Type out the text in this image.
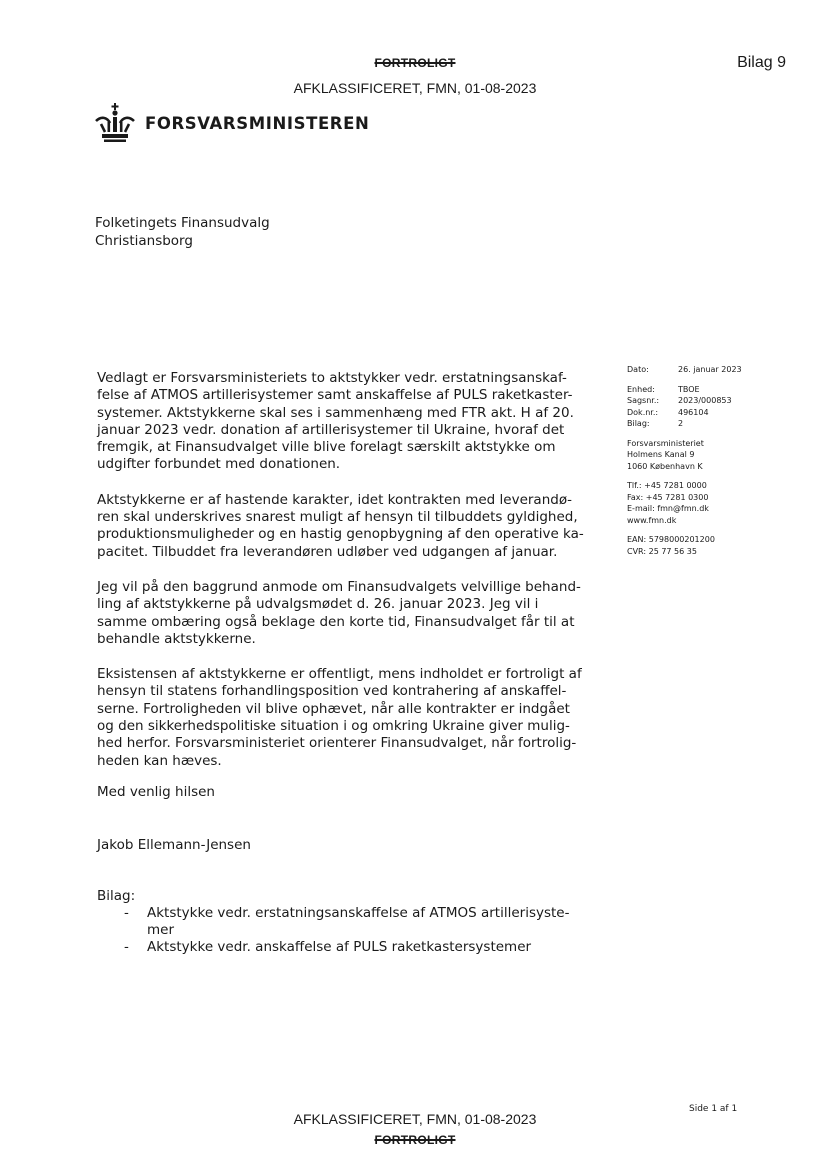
FORTROLIGT
AFKLASSIFICERET, FMN, 01-08-2023
Bilag 9
FORSVARSMINISTEREN
Folketingets Finansudvalg
Christiansborg
Vedlagt er Forsvarsministeriets to aktstykker vedr. erstatningsanskaf-
felse af ATMOS artillerisystemer samt anskaffelse af PULS raketkaster-
systemer. Aktstykkerne skal ses i sammenhæng med FTR akt. H af 20.
januar 2023 vedr. donation af artillerisystemer til Ukraine, hvoraf det
fremgik, at Finansudvalget ville blive forelagt særskilt aktstykke om
udgifter forbundet med donationen.
Aktstykkerne er af hastende karakter, idet kontrakten med leverandø-
ren skal underskrives snarest muligt af hensyn til tilbuddets gyldighed,
produktionsmuligheder og en hastig genopbygning af den operative ka-
pacitet. Tilbuddet fra leverandøren udløber ved udgangen af januar.
Jeg vil på den baggrund anmode om Finansudvalgets velvillige behand-
ling af aktstykkerne på udvalgsmødet d. 26. januar 2023. Jeg vil i
samme ombæring også beklage den korte tid, Finansudvalget får til at
behandle aktstykkerne.
Eksistensen af aktstykkerne er offentligt, mens indholdet er fortroligt af
hensyn til statens forhandlingsposition ved kontrahering af anskaffel-
serne. Fortroligheden vil blive ophævet, når alle kontrakter er indgået
og den sikkerhedspolitiske situation i og omkring Ukraine giver mulig-
hed herfor. Forsvarsministeriet orienterer Finansudvalget, når fortrolig-
heden kan hæves.
Med venlig hilsen
Jakob Ellemann-Jensen
Bilag:
- Aktstykke vedr. erstatningsanskaffelse af ATMOS artillerisyste-
mer
- Aktstykke vedr. anskaffelse af PULS raketkastersystemer
Dato:	26. januar 2023
Enhed:	TBOE
Sagsnr.:	2023/000853
Dok.nr.:	496104
Bilag:	2
Forsvarsministeriet
Holmens Kanal 9
1060 København K
Tlf.: +45 7281 0000
Fax: +45 7281 0300
E-mail: fmn@fmn.dk
www.fmn.dk
EAN: 5798000201200
CVR: 25 77 56 35
Side 1 af 1
AFKLASSIFICERET, FMN, 01-08-2023
FORTROLIGT
